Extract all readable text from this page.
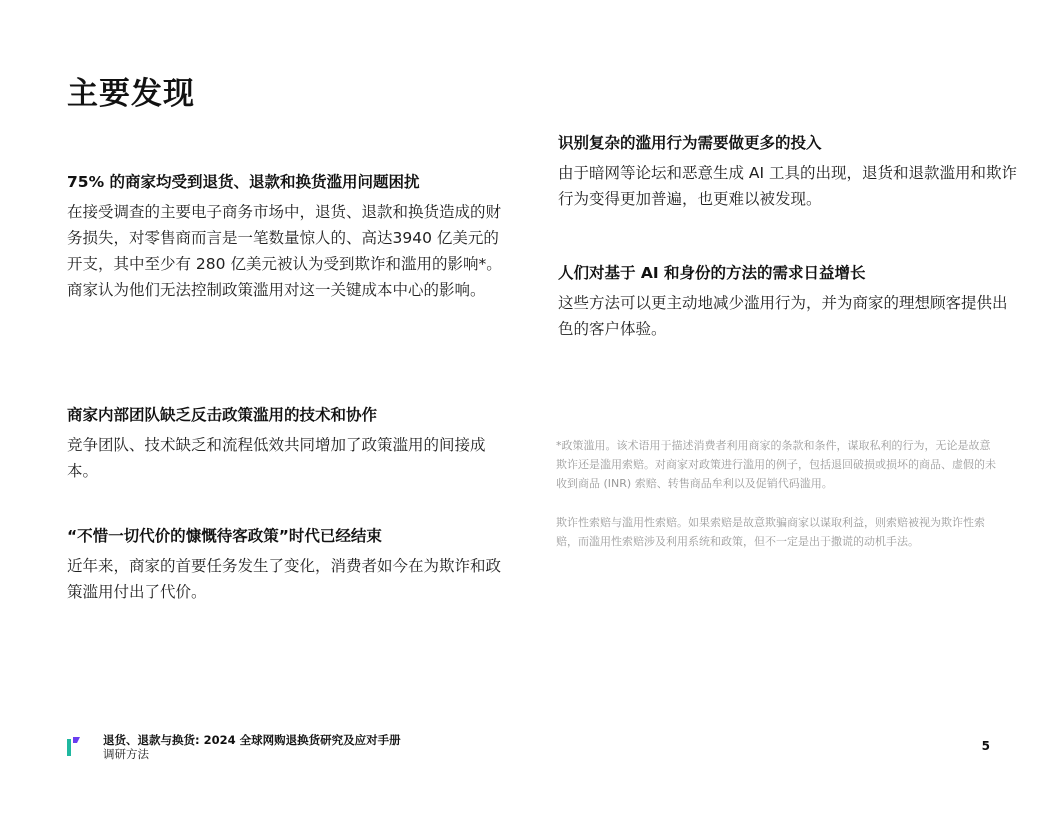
主要发现
75% 的商家均受到退货、退款和换货滥用问题困扰

在接受调查的主要电子商务市场中，退货、退款和换货造成的财务损失，对零售商而言是一笔数量惊人的、高达3940 亿美元的开支，其中至少有 280 亿美元被认为受到欺诈和滥用的影响*。商家认为他们无法控制政策滥用对这一关键成本中心的影响。

商家内部团队缺乏反击政策滥用的技术和协作

竞争团队、技术缺乏和流程低效共同增加了政策滥用的间接成本。

“不惜一切代价的慷慨待客政策”时代已经结束

近年来，商家的首要任务发生了变化，消费者如今在为欺诈和政策滥用付出了代价。

识别复杂的滥用行为需要做更多的投入

由于暗网等论坛和恶意生成 AI 工具的出现，退货和退款滥用和欺诈行为变得更加普遍，也更难以被发现。

人们对基于 AI 和身份的方法的需求日益增长

这些方法可以更主动地减少滥用行为，并为商家的理想顾客提供出色的客户体验。

*政策滥用。该术语用于描述消费者利用商家的条款和条件，谋取私利的行为，无论是故意欺诈还是滥用索赔。对商家对政策进行滥用的例子，包括退回破损或损坏的商品、虚假的未收到商品 (INR) 索赔、转售商品牟利以及促销代码滥用。
欺诈性索赔与滥用性索赔。如果索赔是故意欺骗商家以谋取利益，则索赔被视为欺诈性索赔，而滥用性索赔涉及利用系统和政策，但不一定是出于撒谎的动机手法。
退货、退款与换货: 2024 全球网购退换货研究及应对手册
调研方法
5
